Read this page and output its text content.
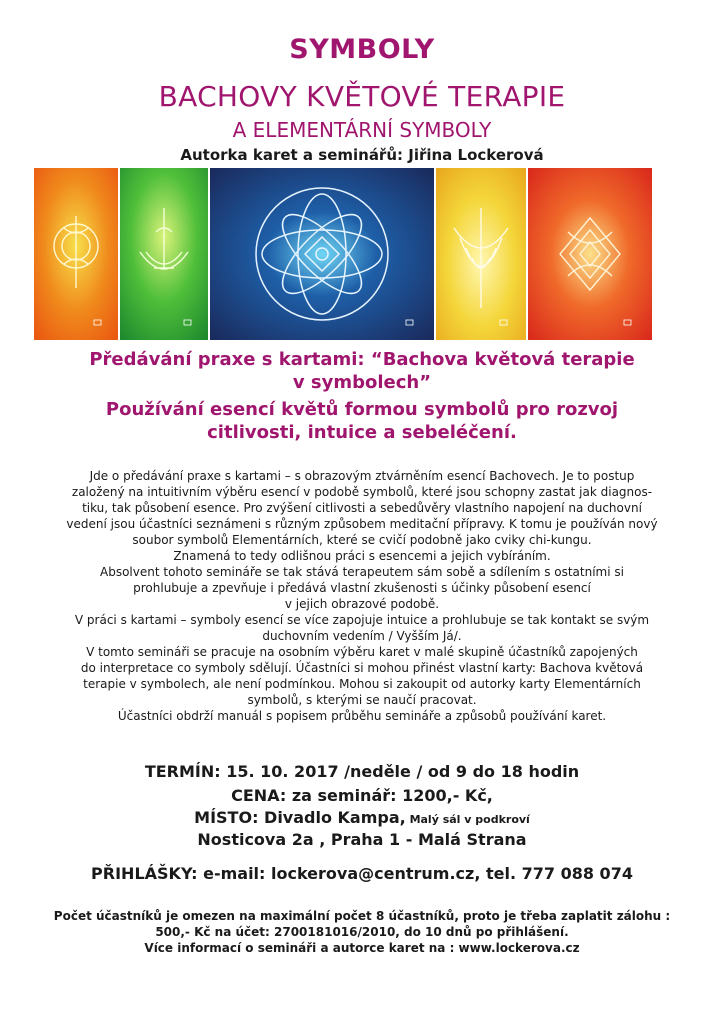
SYMBOLY
BACHOVY KVĚTOVÉ TERAPIE
A ELEMENTÁRNÍ SYMBOLY
Autorka karet a seminářů: Jiřina Lockerová
Předávání praxe s kartami: “Bachova květová terapie
v symbolech”
Používání esencí květů formou symbolů pro rozvoj
citlivosti, intuice a sebeléčení.

Jde o předávání praxe s kartami – s obrazovým ztvárněním esencí Bachovech. Je to postup

založený na intuitivním výběru esencí v podobě symbolů, které jsou schopny zastat jak diagnos-

tiku, tak působení esence. Pro zvýšení citlivosti a sebedůvěry vlastního napojení na duchovní

vedení jsou účastníci seznámeni s různým způsobem meditační přípravy. K tomu je používán nový

soubor symbolů Elementárních, které se cvičí podobně jako cviky chi-kungu.

Znamená to tedy odlišnou práci s esencemi a jejich vybíráním.

Absolvent tohoto semináře se tak stává terapeutem sám sobě a sdílením s ostatními si

prohlubuje a zpevňuje i předává vlastní zkušenosti s účinky působení esencí

v jejich obrazové podobě.

V práci s kartami – symboly esencí se více zapojuje intuice a prohlubuje se tak kontakt se svým

duchovním vedením / Vyšším Já/.

V tomto semináři se pracuje na osobním výběru karet v malé skupině účastníků zapojených

do interpretace co symboly sdělují. Účastníci si mohou přinést vlastní karty: Bachova květová

terapie v symbolech, ale není podmínkou. Mohou si zakoupit od autorky karty Elementárních

symbolů, s kterými se naučí pracovat.

Účastníci obdrží manuál s popisem průběhu semináře a způsobů používání karet.

TERMÍN: 15. 10. 2017 /neděle / od 9 do 18 hodin
CENA: za seminář: 1200,- Kč,
MÍSTO: Divadlo Kampa, Malý sál v podkroví
Nosticova 2a , Praha 1 - Malá Strana
PŘIHLÁŠKY: e-mail: lockerova@centrum.cz, tel. 777 088 074

Počet účastníků je omezen na maximální počet 8 účastníků, proto je třeba zaplatit zálohu :

500,- Kč na účet: 2700181016/2010, do 10 dnů po přihlášení.

Více informací o semináři a autorce karet na : www.lockerova.cz
